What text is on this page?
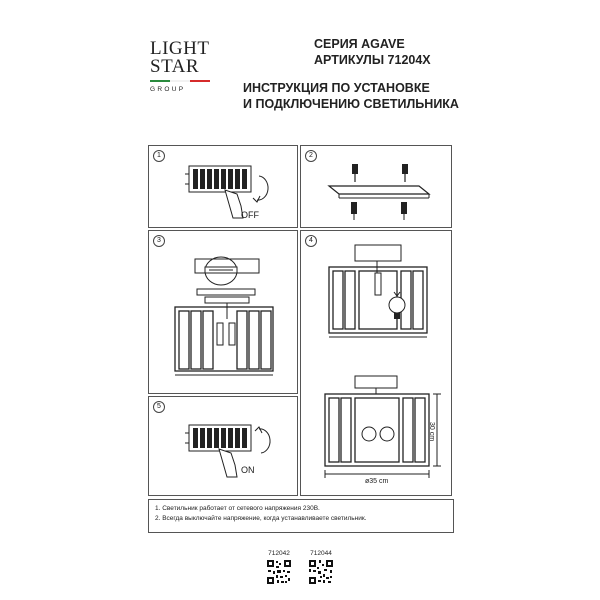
LIGHT
STAR
GROUP
СЕРИЯ AGAVE
АРТИКУЛЫ 71204X
ИНСТРУКЦИЯ ПО УСТАНОВКЕ
И ПОДКЛЮЧЕНИЮ СВЕТИЛЬНИКА
1
OFF
2
3	4
5
ON
30 cm
ø35 cm

1. Светильник работает от сетевого напряжения 230В.

2. Всегда выключайте напряжение, когда устанавливаете светильник.

712042	712044
